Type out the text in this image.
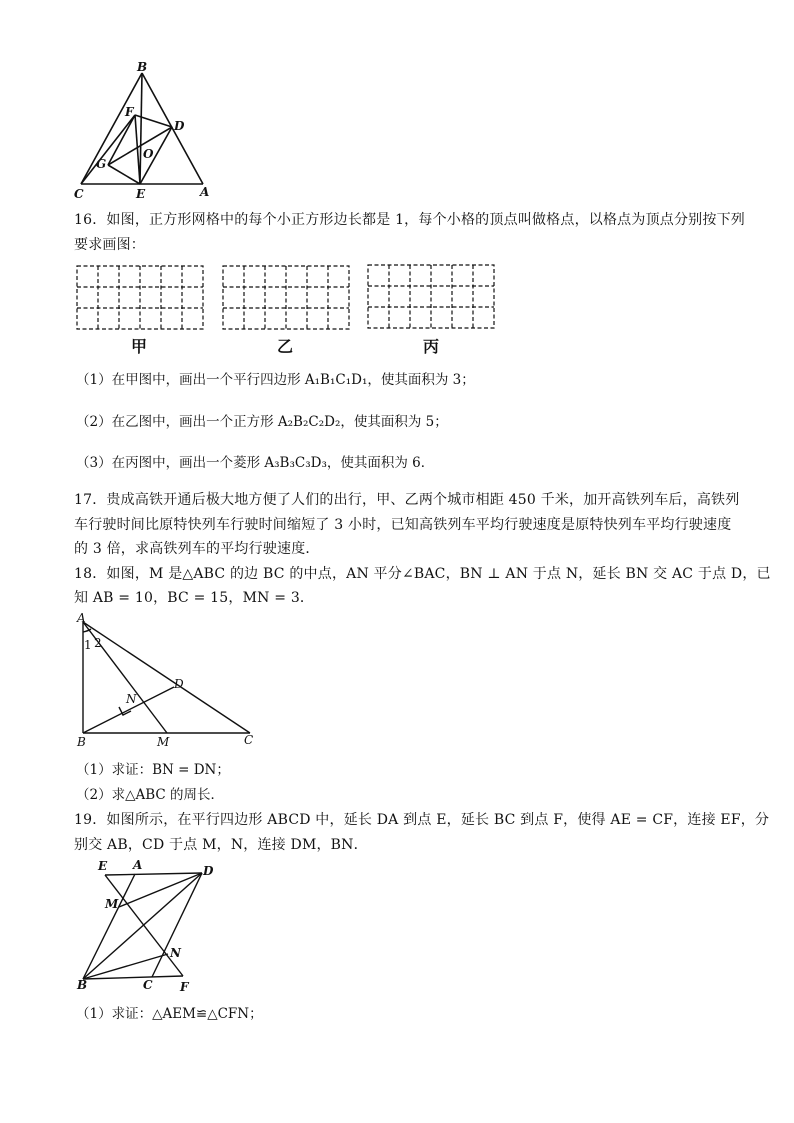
B
F
D
O
G
C	E	A
16．如图，正方形网格中的每个小正方形边长都是 1，每个小格的顶点叫做格点，以格点为顶点分别按下列
要求画图：
甲	乙	丙
（1）在甲图中，画出一个平行四边形 A₁B₁C₁D₁，使其面积为 3；
（2）在乙图中，画出一个正方形 A₂B₂C₂D₂，使其面积为 5；
（3）在丙图中，画出一个菱形 A₃B₃C₃D₃，使其面积为 6．
17．贵成高铁开通后极大地方便了人们的出行，甲、乙两个城市相距 450 千米，加开高铁列车后，高铁列
车行驶时间比原特快列车行驶时间缩短了 3 小时，已知高铁列车平均行驶速度是原特快列车平均行驶速度
的 3 倍，求高铁列车的平均行驶速度．
18．如图，M 是△ABC 的边 BC 的中点，AN 平分∠BAC，BN ⊥ AN 于点 N，延长 BN 交 AC 于点 D，已
知 AB = 10，BC = 15，MN = 3．
A
1 2
N
D
B	M	C
（1）求证：BN = DN；
（2）求△ABC 的周长．
19．如图所示，在平行四边形 ABCD 中，延长 DA 到点 E，延长 BC 到点 F，使得 AE = CF，连接 EF，分
别交 AB，CD 于点 M，N，连接 DM，BN．
E A	D
M
N
B	C F
（1）求证：△AEM≌△CFN；
